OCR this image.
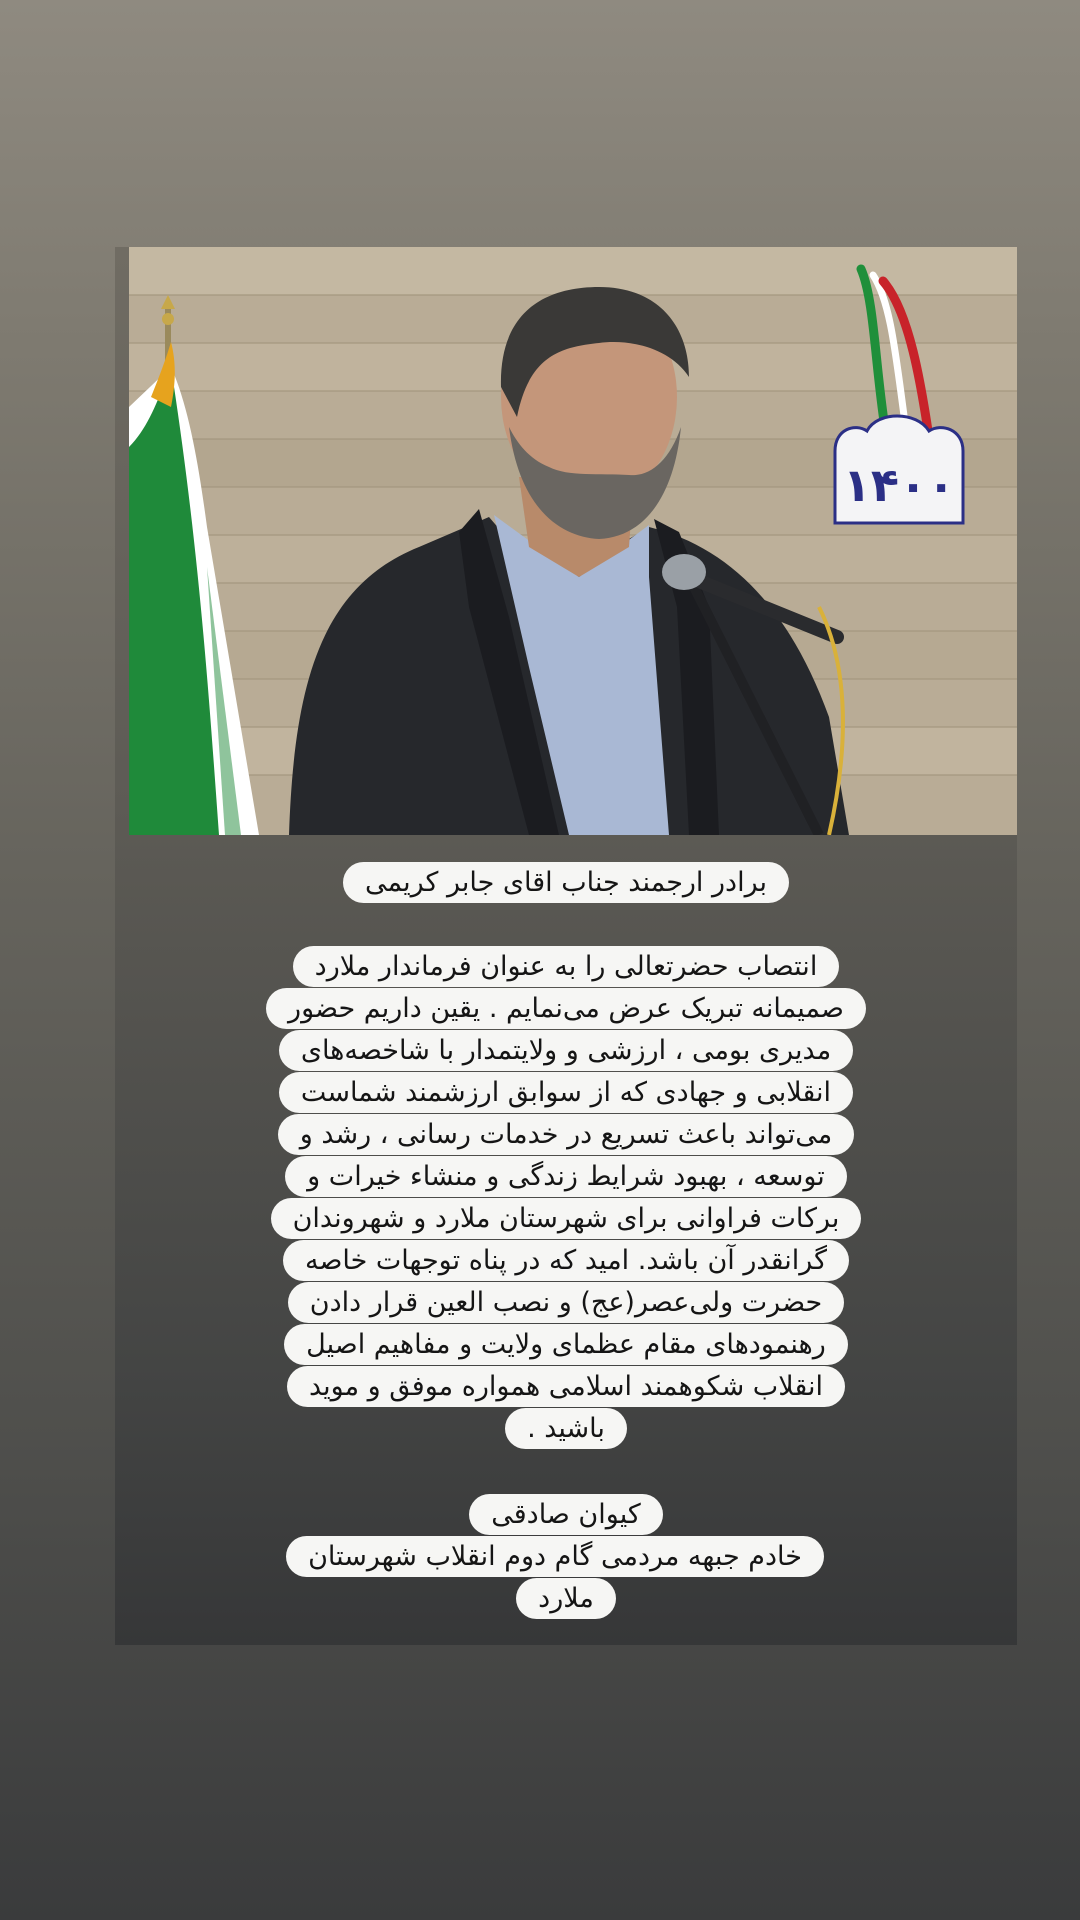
۱۴۰۰
برادر ارجمند جناب اقای جابر کریمی
انتصاب حضرتعالی را به عنوان فرماندار ملارد صمیمانه تبریک عرض می‌نمایم . یقین داریم حضور مدیری بومی ، ارزشی و ولایتمدار با شاخصه‌های انقلابی و جهادی که از سوابق ارزشمند شماست می‌تواند باعث تسریع در خدمات رسانی ، رشد و توسعه ، بهبود شرایط زندگی و منشاء خیرات و برکات فراوانی برای شهرستان ملارد و شهروندان گرانقدر آن باشد. امید که در پناه توجهات خاصه حضرت ولی‌عصر(عج) و نصب العین قرار دادن رهنمودهای مقام عظمای ولایت و مفاهیم اصیل انقلاب شکوهمند اسلامی همواره موفق و موید باشید .
کیوان صادقی
خادم جبهه مردمی گام دوم انقلاب شهرستان ملارد
